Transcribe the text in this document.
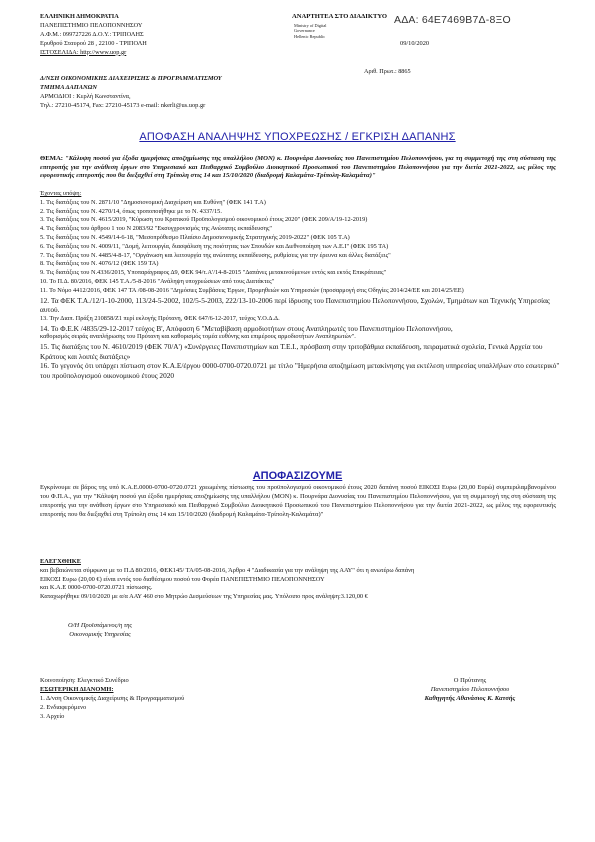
ΕΛΛΗΝΙΚΗ ΔΗΜΟΚΡΑΤΙΑ
ΠΑΝΕΠΙΣΤΗΜΙΟ ΠΕΛΟΠΟΝΝΗΣΟΥ
Α.Φ.Μ.: 099727226 Δ.Ο.Υ.: ΤΡΙΠΟΛΗΣ
Ερυθρού Σταυρού 28 , 22100 - ΤΡΙΠΟΛΗ
ΙΣΤΟΣΕΛΙΔΑ: http://www.uop.gr
ΑΝΑΡΤΗΤΕΑ ΣΤΟ ΔΙΑΔΙΚΤΥΟ ΑΔΑ: 64Ε7469Β7Δ-8ΞΟ
Ministry of Digital
Governance
Hellenic Republic
09/10/2020
Αριθ. Πρωτ.: 8865
Δ/ΝΣΗ ΟΙΚΟΝΟΜΙΚΗΣ ΔΙΑΧΕΙΡΙΣΗΣ & ΠΡΟΓΡΑΜΜΑΤΙΣΜΟΥ
ΤΜΗΜΑ ΔΑΠΑΝΩΝ
ΑΡΜΟΔΙΟΙ : Κερλή Κωνσταντίνα,
Τηλ.: 27210-45174, Fax: 27210-45173 e-mail: nkerli@us.uop.gr
ΑΠΟΦΑΣΗ ΑΝΑΛΗΨΗΣ ΥΠΟΧΡΕΩΣΗΣ / ΕΓΚΡΙΣΗ ΔΑΠΑΝΗΣ
ΘΕΜΑ: "Κάλυψη ποσού για έξοδα ημερήσιας αποζημίωσης της υπαλλήλου (ΜΟΝ) κ. Πουρνάρα Διονυσίας του Πανεπιστημίου Πελοποννήσου, για τη συμμετοχή της στη σύσταση της επιτροπής για την ανάθεση έργων στο Υπηρεσιακό και Πειθαρχικό Συμβούλιο Διοικητικού Προσωπικού του Πανεπιστημίου Πελοποννήσου για την διετία 2021-2022, ως μέλος της εφορευτικής επιτροπής που θα διεξαχθεί στη Τρίπολη στις 14 και 15/10/2020 (διαδρομή Καλαμάτα-Τρίπολη-Καλαμάτα)"
Έχοντας υπόψη:
1. Τις διατάξεις του Ν. 2871/10 "Δημοσιονομική Διαχείριση και Ευθύνη" (ΦΕΚ 141 Τ.Α)
2. Τις διατάξεις του Ν. 4270/14, όπως τροποποιήθηκε με το Ν. 4337/15.
3. Τις διατάξεις του Ν. 4615/2019, "Κύρωση του Κρατικού Προϋπολογισμού οικονομικού έτους 2020" (ΦΕΚ 209/Α/19-12-2019)
4. Τις διατάξεις του άρθρου 1 του Ν 2083/92 "Εκσυγχρονισμός της Ανώτατης εκπαίδευσης"
5. Τις διατάξεις του Ν. 4549/14-6-18, "Μεσοπρόθεσμο Πλαίσιο Δημοσιονομικής Στρατηγικής 2019-2022" (ΦΕΚ 105 Τ.Α)
6. Τις διατάξεις του Ν. 4009/11, "Δομή, λειτουργία, διασφάλιση της ποιότητας των Σπουδών και Διεθνοποίηση των Α.Ε.Ι" (ΦΕΚ 195 ΤΑ)
7. Τις διατάξεις του Ν. 4485/4-8-17, "Οργάνωση και λειτουργία της ανώτατης εκπαίδευσης, ρυθμίσεις για την έρευνα και άλλες διατάξεις"
8. Τις διατάξεις του Ν. 4076/12 (ΦΕΚ 159 ΤΑ)
9. Τις διατάξεις του Ν.4336/2015, Υποπαράγραφος Δ9, ΦΕΚ 94/τ.Α'/14-8-2015 "Δαπάνες μετακινούμενων εντός και εκτός Επικράτειας"
10. Το Π.Δ. 80/2016, ΦΕΚ 145 Τ.Α./5-8-2016 "Ανάληψη υποχρεώσεων από τους Διατάκτες"
11. Το Νόμο 4412/2016, ΦΕΚ 147 ΤΑ /08-08-2016 "Δημόσιες Συμβάσεις Έργων, Προμηθειών και Υπηρεσιών (προσαρμογή στις Οδηγίες 2014/24/ΕΕ και 2014/25/ΕΕ)
12. Τα ΦΕΚ Τ.Α./12/1-10-2000, 113/24-5-2002, 102/5-5-2003, 222/13-10-2006 περί ίδρυσης του Πανεπιστημίου Πελοποννήσου, Σχολών, Τμημάτων και Τεχνικής Υπηρεσίας αυτού.
13. Την Διαπ. Πράξη 210858/Ζ1 περί εκλογής Πρύτανη, ΦΕΚ 647/6-12-2017, τεύχος Υ.Ο.Δ.Δ.
14. Το Φ.Ε.Κ /4835/29-12-2017 τεύχος Β', Απόφαση 6 "Μεταβίβαση αρμοδιοτήτων στους Αναπληρωτές του Πανεπιστημίου Πελοποννήσου,
καθορισμός σειράς αναπλήρωσης του Πρύτανη και καθορισμός τομέα ευθύνης και επιμέρους αρμοδιοτήτων Αναπληρωτών".
15. Τις διατάξεις του Ν. 4610/2019 (ΦΕΚ 70/Α') «Συνέργειες Πανεπιστημίων και Τ.Ε.Ι., πρόσβαση στην τριτοβάθμια εκπαίδευση, πειραματικά σχολεία, Γενικά Αρχεία του Κράτους και λοιπές διατάξεις»
16. Το γεγονός ότι υπάρχει πίστωση στον Κ.Α.Ε/έργου 0000-0700-0720.0721 με τίτλο "Ημερήσια αποζημίωση μετακίνησης για εκτέλεση υπηρεσίας υπαλλήλων στο εσωτερικό" του προϋπολογισμού οικονομικού έτους 2020
ΑΠΟΦΑΣΙΖΟΥΜΕ
Εγκρίνουμε σε βάρος της υπό Κ.Α.Ε.0000-0700-0720.0721 χρεωμένης πίστωσης του προϋπολογισμού οικονομικού έτους 2020 δαπάνη ποσού ΕΙΚΟΣΙ Ευρω (20,00 Ευρώ) συμπεριλαμβανομένου του Φ.Π.Α., για την "Κάλυψη ποσού για έξοδα ημερήσιας αποζημίωσης της υπαλλήλου (ΜΟΝ) κ. Πουρνάρα Διονυσίας του Πανεπιστημίου Πελοποννήσου, για τη συμμετοχή της στη σύσταση της επιτροπής για την ανάθεση έργων στο Υπηρεσιακό και Πειθαρχικό Συμβούλιο Διοικητικού Προσωπικού του Πανεπιστημίου Πελοποννήσου για την διετία 2021-2022, ως μέλος της εφορευτικής επιτροπής που θα διεξαχθεί στη Τρίπολη στις 14 και 15/10/2020 (διαδρομή Καλαμάτα-Τρίπολη-Καλαμάτα)"
ΕΛΕΓΧΘΗΚΕ
και βεβαιώνεται σύμφωνα με το Π.Δ 80/2016, ΦΕΚ145/ ΤΑ/05-08-2016, Άρθρο 4 "Διαδικασία για την ανάληψη της ΑΑΥ" ότι η ανωτέρω δαπάνη
ΕΙΚΟΣΙ Ευρω (20,00 €) είναι εντός του διαθέσιμου ποσού του Φορέα ΠΑΝΕΠΙΣΤΗΜΙΟ ΠΕΛΟΠΟΝΝΗΣΟΥ
και Κ.Α.Ε 0000-0700-0720.0721 πίστωσης.
Καταχωρήθηκε 09/10/2020 με α/α ΑΑΥ 460 στο Μητρώο Δεσμεύσεων της Υπηρεσίας μας. Υπόλοιπο προς ανάληψη:3.120,00 €
Ο/Η Προϊστάμενος/η της
Οικονομικής Υπηρεσίας
Κοινοποίηση: Ελεγκτικό Συνέδριο
ΕΣΩΤΕΡΙΚΗ ΔΙΑΝΟΜΗ:
1. Δ/νση Οικονομικής Διαχείρισης & Προγραμματισμού
2. Ενδιαφερόμενο
3. Αρχείο
Ο Πρύτανης
Πανεπιστημίου Πελοποννήσου
Καθηγητής Αθανάσιος Κ. Κατσής
